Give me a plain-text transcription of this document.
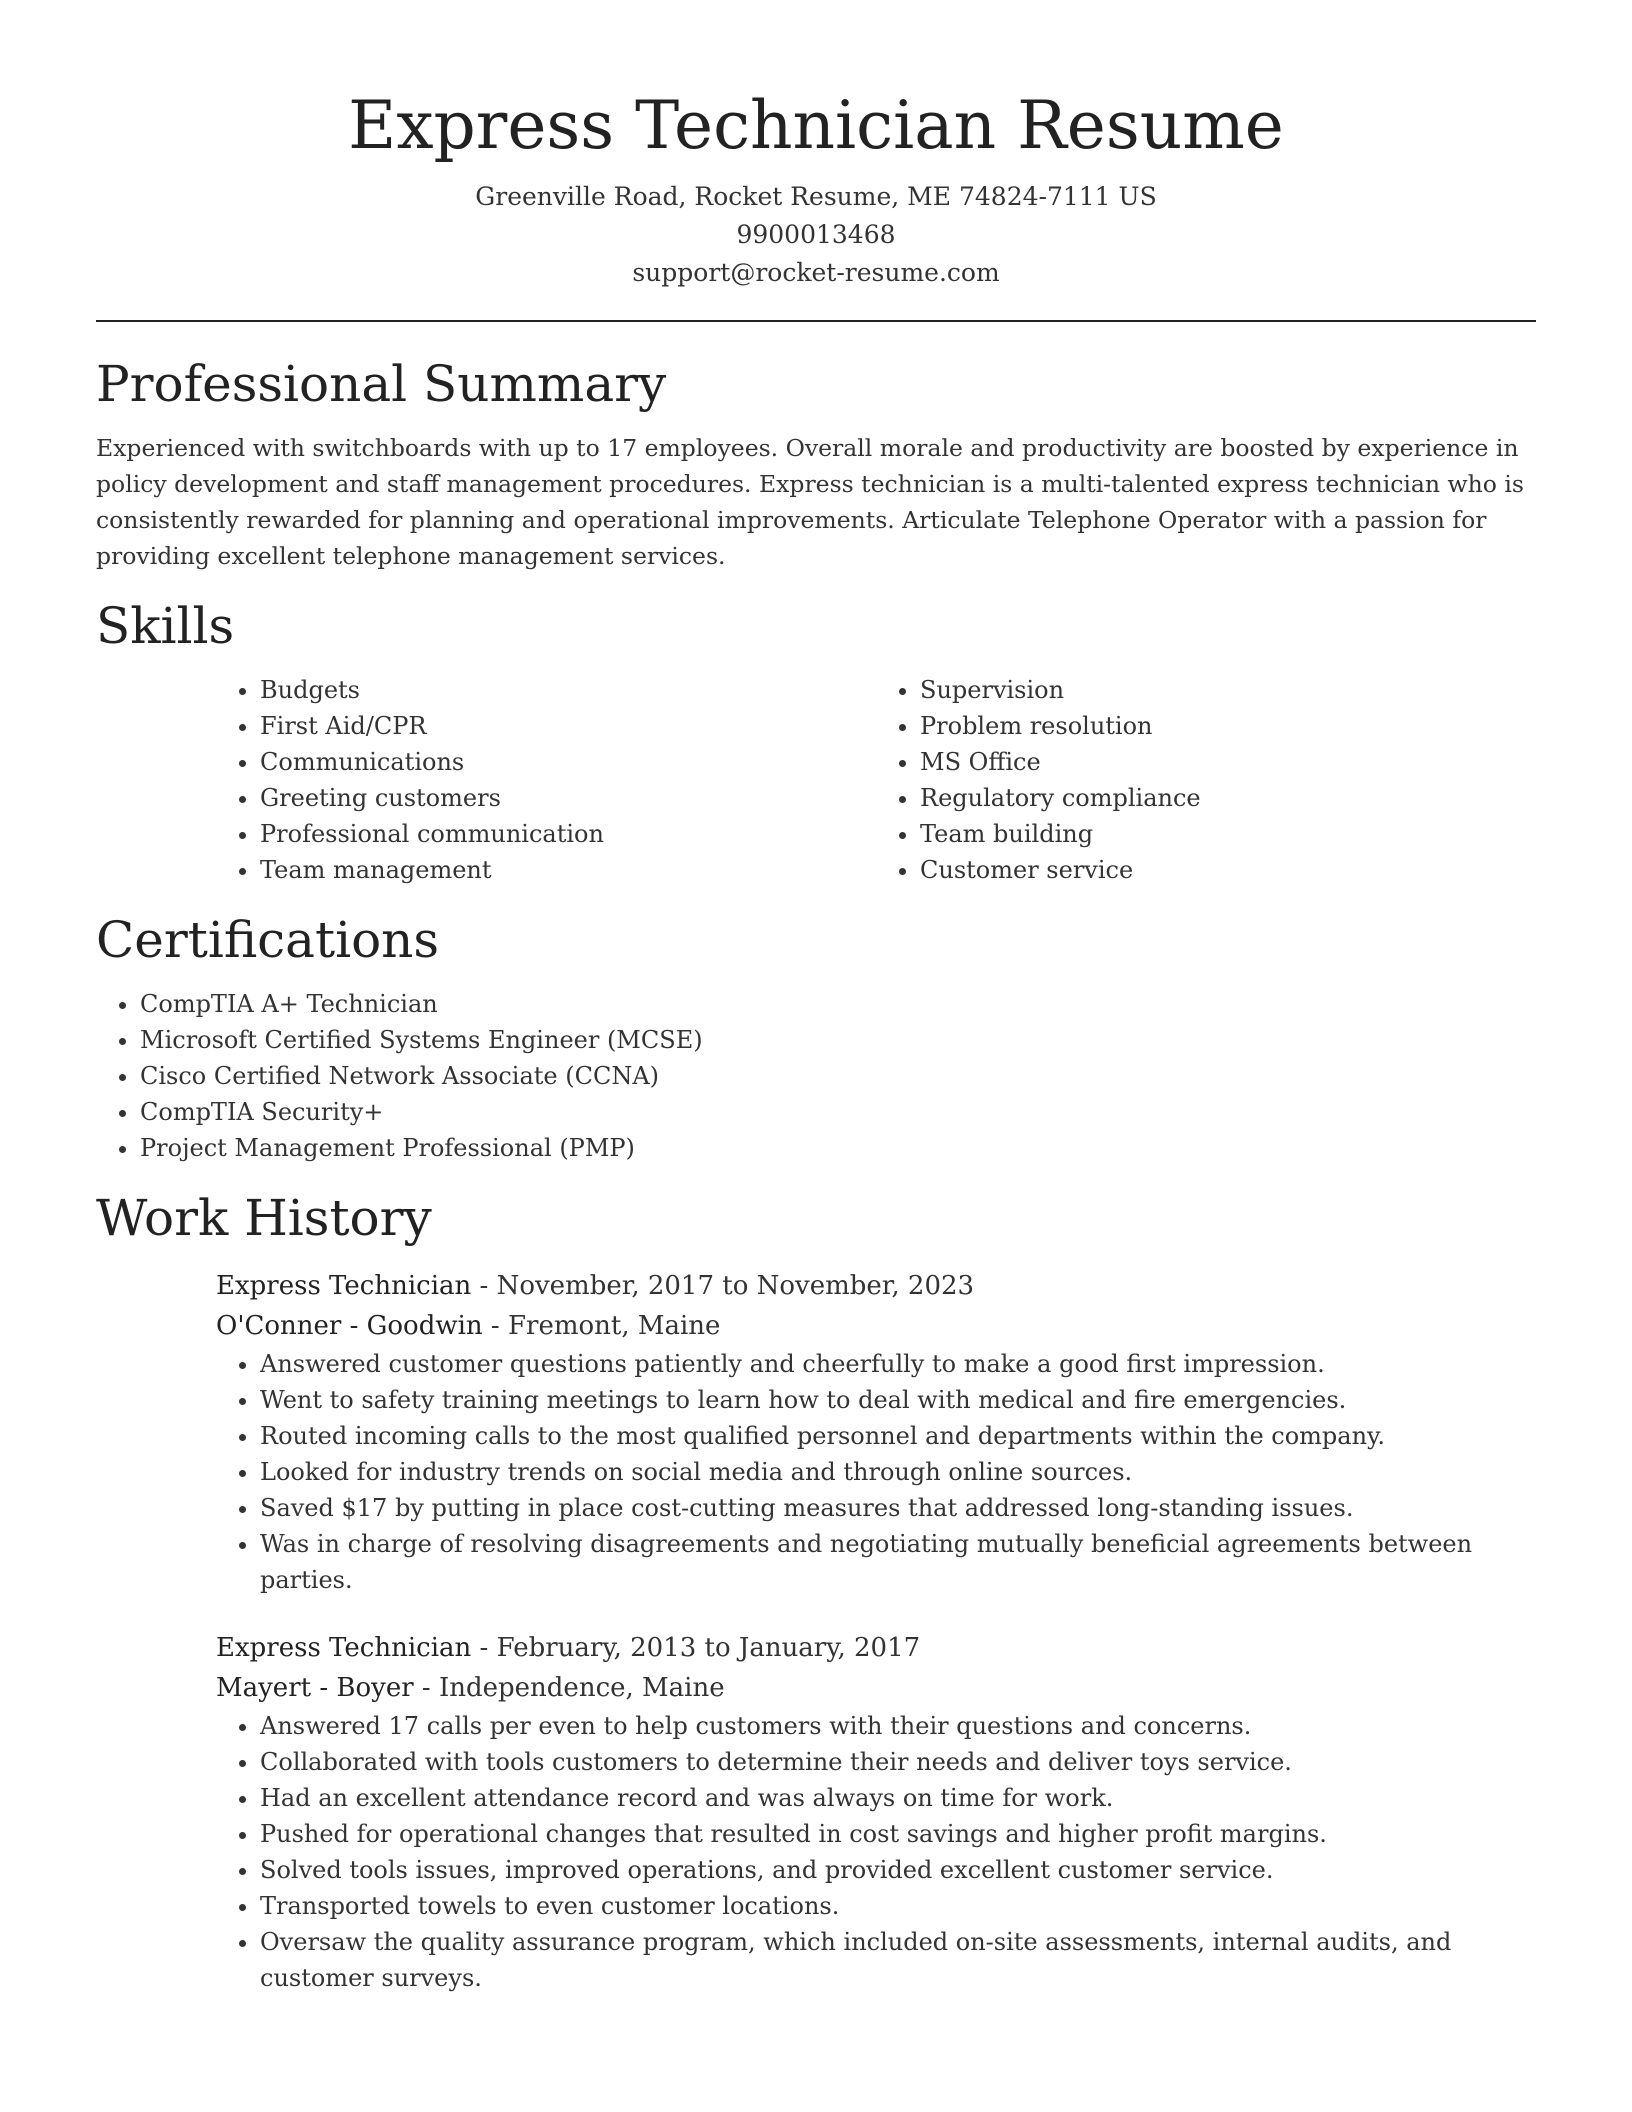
Express Technician Resume

Greenville Road, Rocket Resume, ME 74824-7111 US

9900013468

support@rocket-resume.com

Professional Summary

Experienced with switchboards with up to 17 employees. Overall morale and productivity are boosted by experience in policy development and staff management procedures. Express technician is a multi-talented express technician who is consistently rewarded for planning and operational improvements. Articulate Telephone Operator with a passion for providing excellent telephone management services.

Skills
• Budgets
• First Aid/CPR
• Communications
• Greeting customers
• Professional communication
• Team management
• Supervision
• Problem resolution
• MS Office
• Regulatory compliance
• Team building
• Customer service
Certifications
• CompTIA A+ Technician
• Microsoft Certified Systems Engineer (MCSE)
• Cisco Certified Network Associate (CCNA)
• CompTIA Security+
• Project Management Professional (PMP)
Work History

Express Technician - November, 2017 to November, 2023

O'Conner - Goodwin - Fremont, Maine

• Answered customer questions patiently and cheerfully to make a good first impression.
• Went to safety training meetings to learn how to deal with medical and fire emergencies.
• Routed incoming calls to the most qualified personnel and departments within the company.
• Looked for industry trends on social media and through online sources.
• Saved $17 by putting in place cost-cutting measures that addressed long-standing issues.
• Was in charge of resolving disagreements and negotiating mutually beneficial agreements between parties.

Express Technician - February, 2013 to January, 2017

Mayert - Boyer - Independence, Maine

• Answered 17 calls per even to help customers with their questions and concerns.
• Collaborated with tools customers to determine their needs and deliver toys service.
• Had an excellent attendance record and was always on time for work.
• Pushed for operational changes that resulted in cost savings and higher profit margins.
• Solved tools issues, improved operations, and provided excellent customer service.
• Transported towels to even customer locations.
• Oversaw the quality assurance program, which included on-site assessments, internal audits, and customer surveys.
